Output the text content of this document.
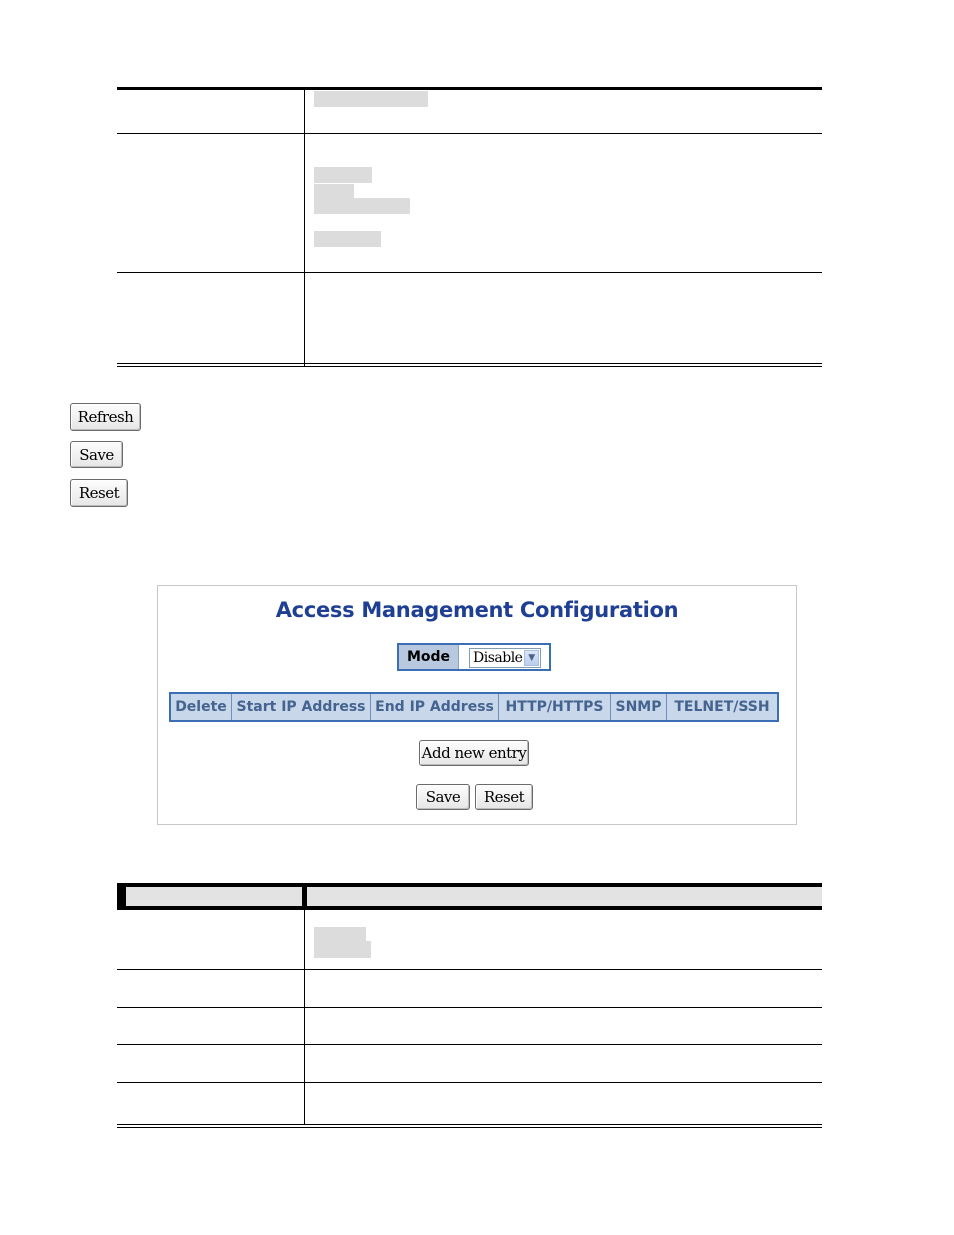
Refresh
Save
Reset
Access Management Configuration
Mode	Disable ▼
Delete Start IP Address End IP Address HTTP/HTTPS SNMP TELNET/SSH
Add new entry
Save	Reset
